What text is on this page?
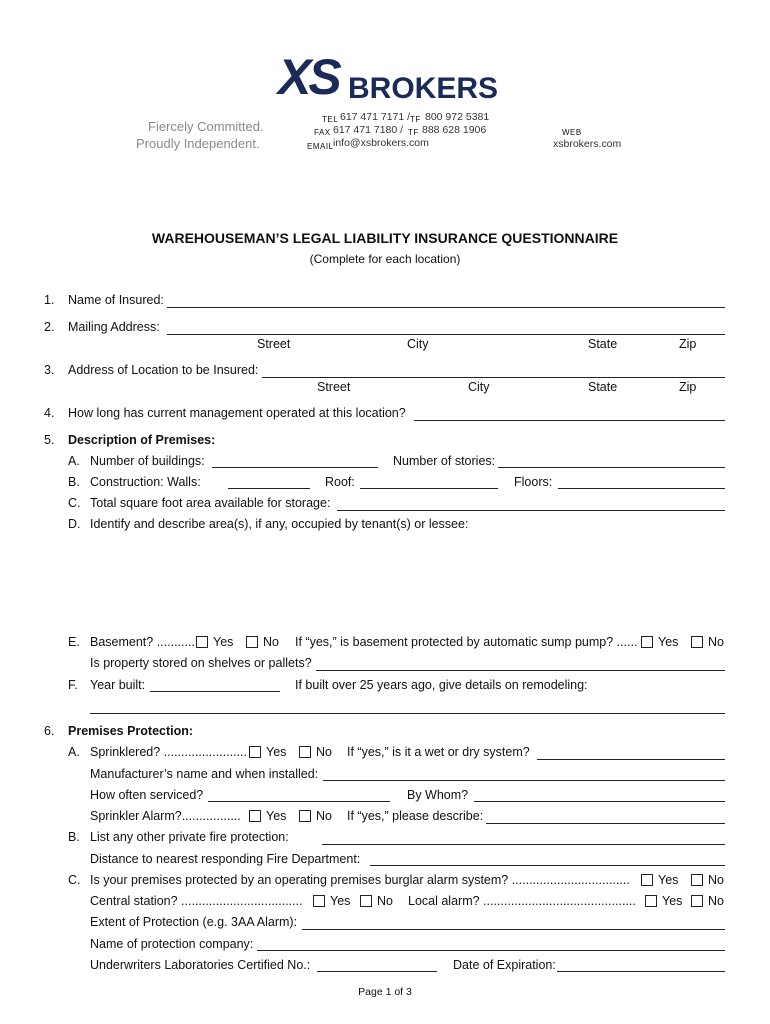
XS BROKERS
Fiercely Committed.
Proudly Independent.
TEL 617 471 7171 / TF 800 972 5381
FAX 617 471 7180 / TF 888 628 1906
EMAIL info@xsbrokers.com
WEB
xsbrokers.com
WAREHOUSEMAN’S LEGAL LIABILITY INSURANCE QUESTIONNAIRE
(Complete for each location)
1. Name of Insured:
2. Mailing Address:
Street	City	State	Zip
3. Address of Location to be Insured:
Street	City	State	Zip
4. How long has current management operated at this location?
5. Description of Premises:
A. Number of buildings:	Number of stories:
B. Construction: Walls:	Roof:	Floors:
C. Total square foot area available for storage:
D. Identify and describe area(s), if any, occupied by tenant(s) or lessee:
E. Basement? ........... Yes No If “yes,” is basement protected by automatic sump pump? ...... Yes No
Is property stored on shelves or pallets?
F. Year built:	If built over 25 years ago, give details on remodeling:
6. Premises Protection:
A. Sprinklered? ........................ Yes No If “yes,” is it a wet or dry system?
Manufacturer’s name and when installed:
How often serviced?	By Whom?
Sprinkler Alarm?................. Yes No If “yes,” please describe:
B. List any other private fire protection:
Distance to nearest responding Fire Department:
C. Is your premises protected by an operating premises burglar alarm system? .................................. Yes No
Central station? ................................... Yes No Local alarm? ............................................ Yes No
Extent of Protection (e.g. 3AA Alarm):
Name of protection company:
Underwriters Laboratories Certified No.:	Date of Expiration:
Page 1 of 3
